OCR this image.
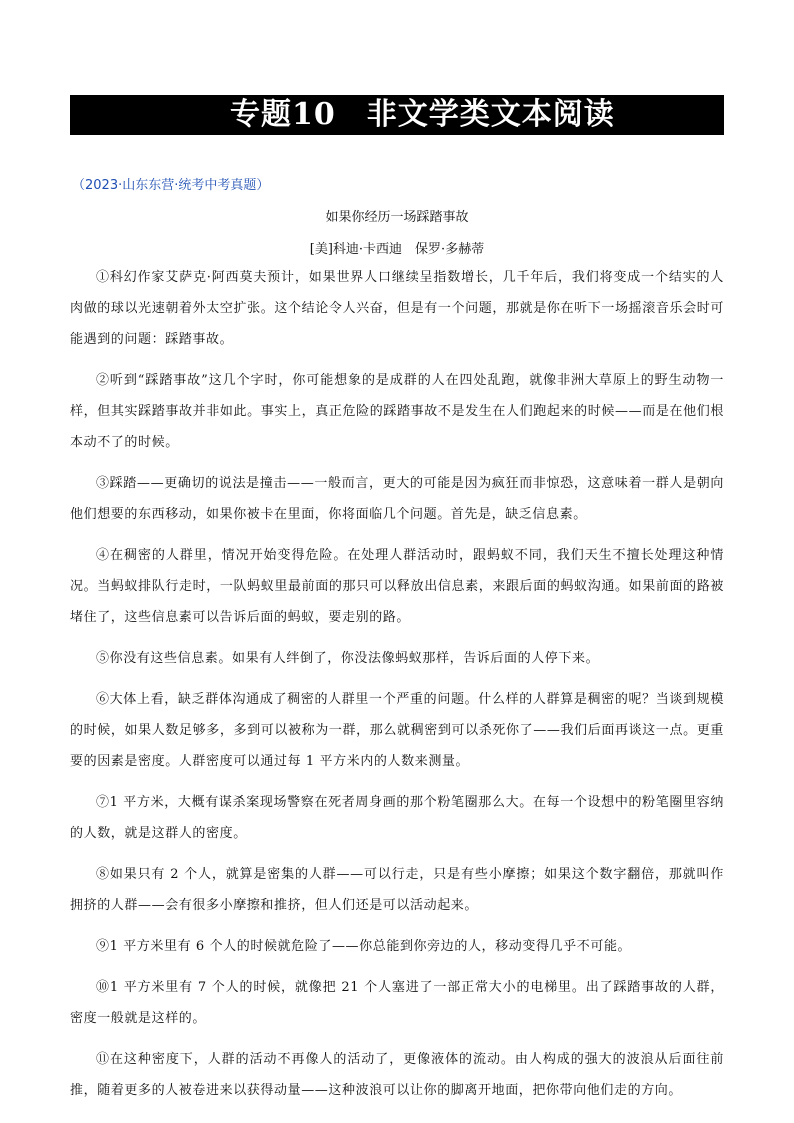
专题10　非文学类文本阅读
（2023·山东东营·统考中考真题）
如果你经历一场踩踏事故
[美]科迪·卡西迪　保罗·多赫蒂

①科幻作家艾萨克·阿西莫夫预计，如果世界人口继续呈指数增长，几千年后，我们将变成一个结实的人肉做的球以光速朝着外太空扩张。这个结论令人兴奋，但是有一个问题，那就是你在听下一场摇滚音乐会时可能遇到的问题：踩踏事故。

②听到“踩踏事故”这几个字时，你可能想象的是成群的人在四处乱跑，就像非洲大草原上的野生动物一样，但其实踩踏事故并非如此。事实上，真正危险的踩踏事故不是发生在人们跑起来的时候——而是在他们根本动不了的时候。

③踩踏——更确切的说法是撞击——一般而言，更大的可能是因为疯狂而非惊恐，这意味着一群人是朝向他们想要的东西移动，如果你被卡在里面，你将面临几个问题。首先是，缺乏信息素。

④在稠密的人群里，情况开始变得危险。在处理人群活动时，跟蚂蚁不同，我们天生不擅长处理这种情况。当蚂蚁排队行走时，一队蚂蚁里最前面的那只可以释放出信息素，来跟后面的蚂蚁沟通。如果前面的路被堵住了，这些信息素可以告诉后面的蚂蚁，要走别的路。

⑤你没有这些信息素。如果有人绊倒了，你没法像蚂蚁那样，告诉后面的人停下来。

⑥大体上看，缺乏群体沟通成了稠密的人群里一个严重的问题。什么样的人群算是稠密的呢？当谈到规模的时候，如果人数足够多，多到可以被称为一群，那么就稠密到可以杀死你了——我们后面再谈这一点。更重要的因素是密度。人群密度可以通过每 1 平方米内的人数来测量。

⑦1 平方米，大概有谋杀案现场警察在死者周身画的那个粉笔圈那么大。在每一个设想中的粉笔圈里容纳的人数，就是这群人的密度。

⑧如果只有 2 个人，就算是密集的人群——可以行走，只是有些小摩擦；如果这个数字翻倍，那就叫作拥挤的人群——会有很多小摩擦和推挤，但人们还是可以活动起来。

⑨1 平方米里有 6 个人的时候就危险了——你总能到你旁边的人，移动变得几乎不可能。

⑩1 平方米里有 7 个人的时候，就像把 21 个人塞进了一部正常大小的电梯里。出了踩踏事故的人群，密度一般就是这样的。

⑪在这种密度下，人群的活动不再像人的活动了，更像液体的流动。由人构成的强大的波浪从后面往前推，随着更多的人被卷进来以获得动量——这种波浪可以让你的脚离开地面，把你带向他们走的方向。
